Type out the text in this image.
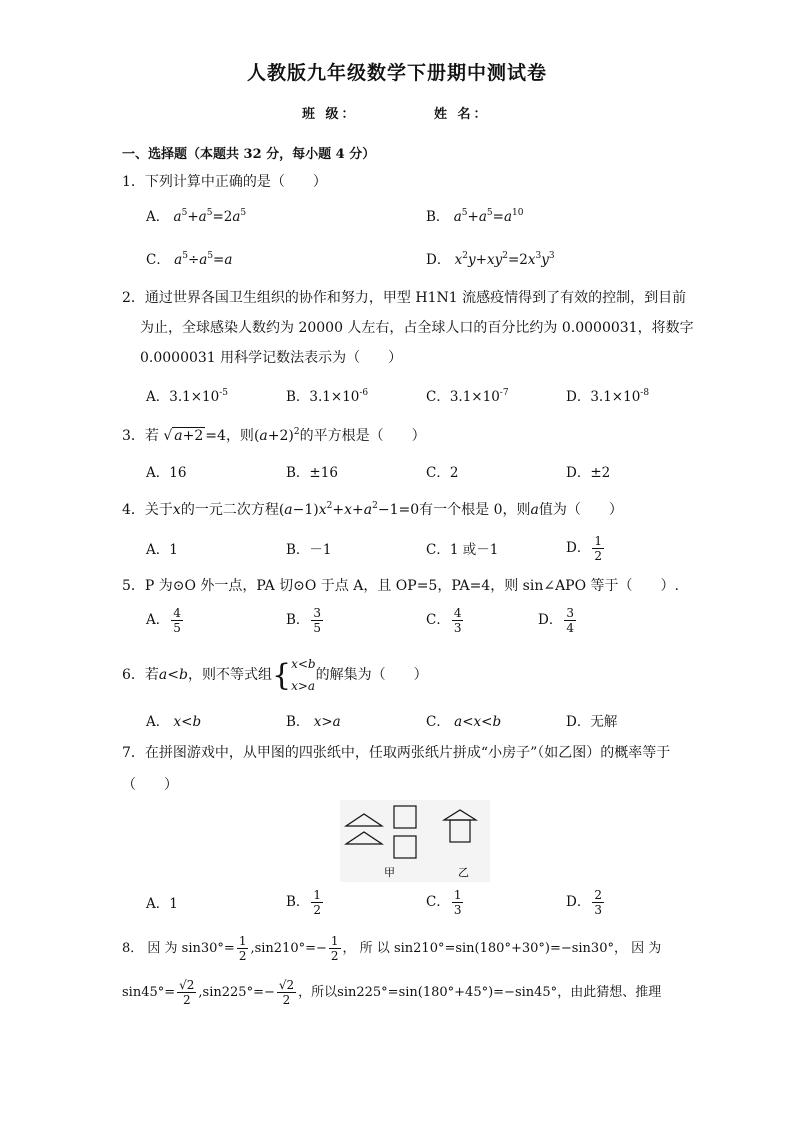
人教版九年级数学下册期中测试卷
班 级：	姓 名：
一、选择题（本题共 32 分，每小题 4 分）
1．下列计算中正确的是（　　）
A． $a^5+a^5=2a^5$	B． $a^5+a^5=a^{10}$
C． $a^5\div a^5=a$	D． $x^2y+xy^2=2x^3y^3$
2．通过世界各国卫生组织的协作和努力，甲型 H1N1 流感疫情得到了有效的控制，到目前
为止，全球感染人数约为 20000 人左右，占全球人口的百分比约为 0.0000031，将数字
0.0000031 用科学记数法表示为（　　）
A．$3.1\times 10^{-5}$	B．$3.1\times 10^{-6}$	C．$3.1\times 10^{-7}$	D．$3.1\times 10^{-8}$
3．若 √ a+2 =4，则$(a+2)^2$的平方根是（　　）
A．16	B．±16	C．2	D．±2
4．关于x的一元二次方程$(a-1)x^2+x+a^2-1=0$有一个根是 0，则a值为（　　）
A．1	B．－1	C．1 或－1	D． $\frac{1}{2}$
5．P 为⊙O 外一点，PA 切⊙O 于点 A，且 OP=5，PA=4，则 sin∠APO 等于（　　）.
A． $\frac{4}{5}$	B． $\frac{3}{5}$	C． $\frac{4}{3}$	D． $\frac{3}{4}$
6．若a<b，则不等式组{ x<b
x>a
的解集为（　　）
A． x<b	B． x>a	C． a<x<b	D．无解
7．在拼图游戏中，从甲图的四张纸中，任取两张纸片拼成“小房子”（如乙图）的概率等于
（　　）
甲	乙
A．1	B． $\frac{1}{2}$	C． $\frac{1}{3}$	D． $\frac{2}{3}$
8． 因 为 $\sin 30^\circ= \frac{1}{2} ,\sin 210^\circ=- \frac{1}{2}$ ， 所 以 sin210°=sin(180°+30°)=−sin30°， 因 为
$\sin 45^\circ= \frac{√2}{2} ,\sin 225^\circ=- \frac{√2}{2}$ ，所以sin225°=sin(180°+45°)=−sin45°，由此猜想、推理
